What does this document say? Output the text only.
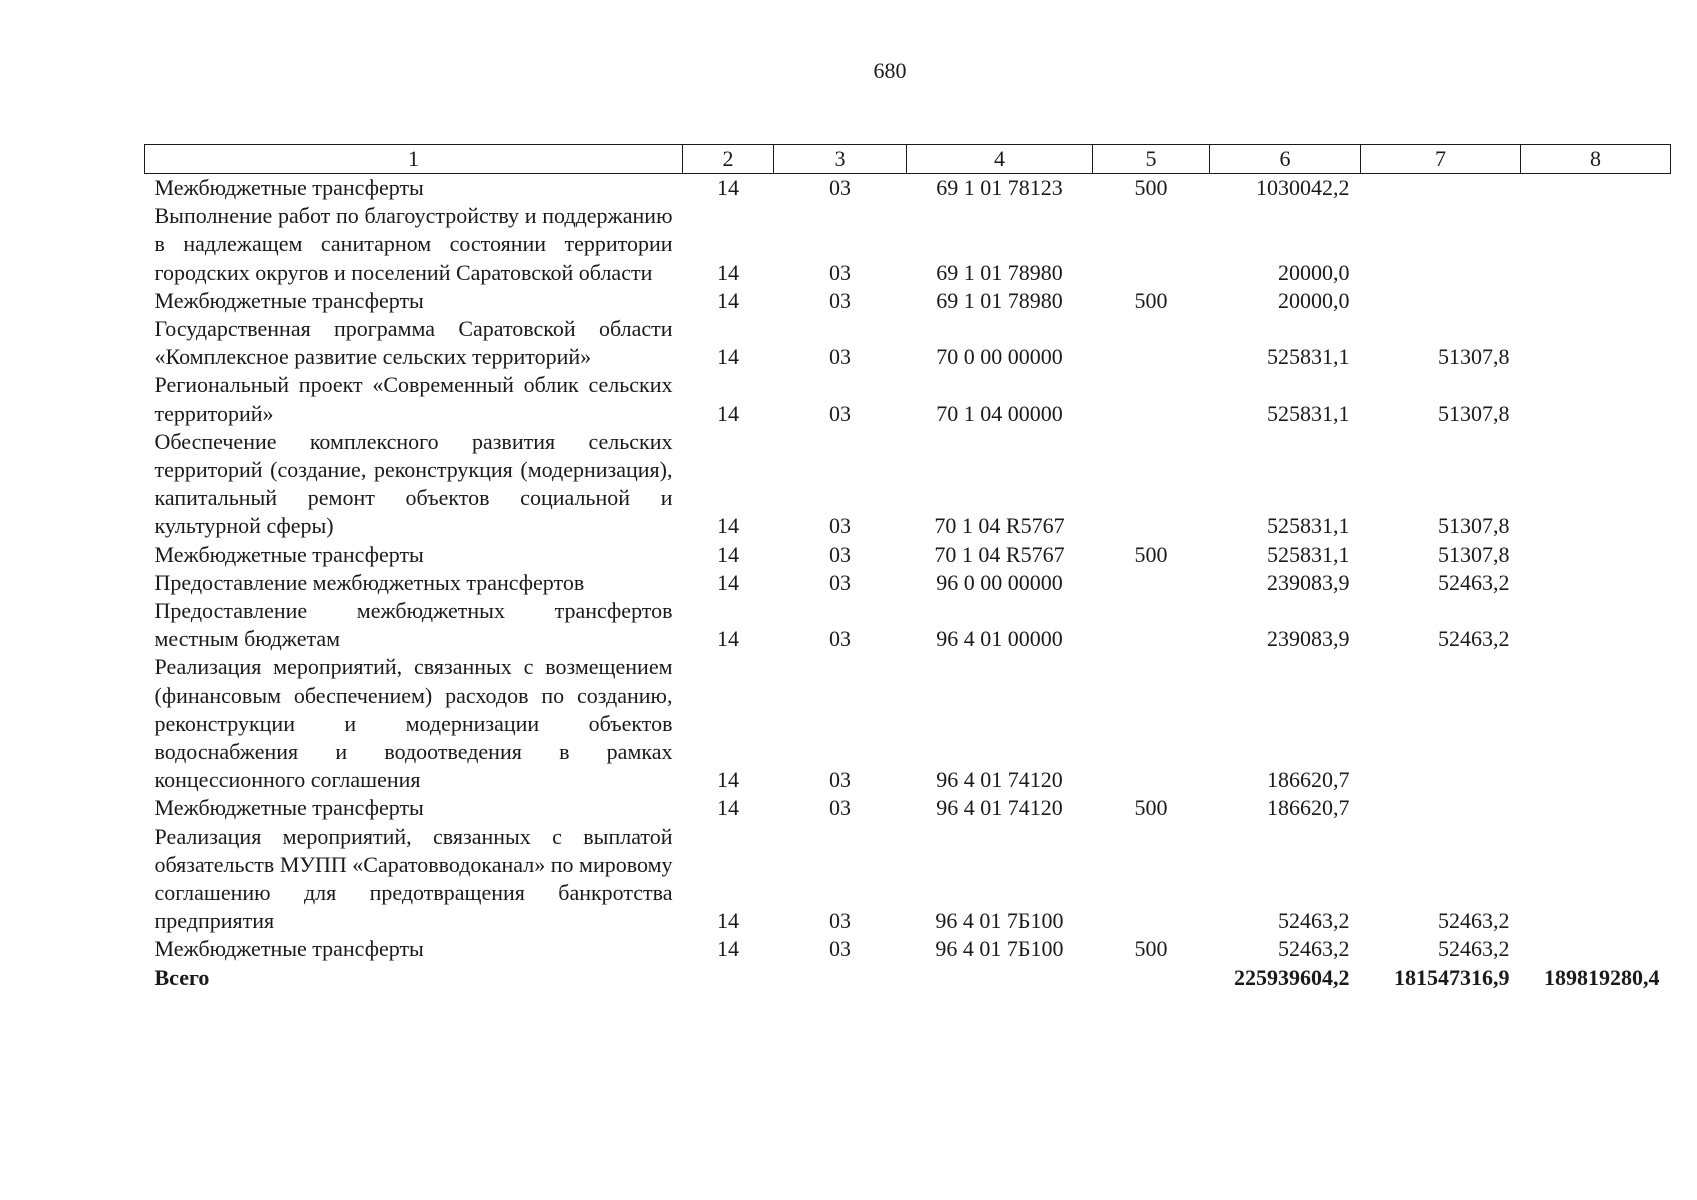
680
1	2	3	4	5	6	7	8
Межбюджетные трансферты	14	03	69 1 01 78123	500	1030042,2		
Выполнение работ по благоустройству и поддержанию в надлежащем санитарном состоянии территории городских округов и поселений Саратовской области	14	03	69 1 01 78980		20000,0		
Межбюджетные трансферты	14	03	69 1 01 78980	500	20000,0		
Государственная программа Саратовской области «Комплексное развитие сельских территорий»	14	03	70 0 00 00000		525831,1	51307,8	
Региональный проект «Современный облик сельских территорий»	14	03	70 1 04 00000		525831,1	51307,8	
Обеспечение комплексного развития сельских территорий (создание, реконструкция (модернизация), капитальный ремонт объектов социальной и культурной сферы)	14	03	70 1 04 R5767		525831,1	51307,8	
Межбюджетные трансферты	14	03	70 1 04 R5767	500	525831,1	51307,8	
Предоставление межбюджетных трансфертов	14	03	96 0 00 00000		239083,9	52463,2	
Предоставление межбюджетных трансфертов местным бюджетам	14	03	96 4 01 00000		239083,9	52463,2	
Реализация мероприятий, связанных с возмещением (финансовым обеспечением) расходов по созданию, реконструкции и модернизации объектов водоснабжения и водоотведения в рамках концессионного соглашения	14	03	96 4 01 74120		186620,7		
Межбюджетные трансферты	14	03	96 4 01 74120	500	186620,7		
Реализация мероприятий, связанных с выплатой обязательств МУПП «Саратовводоканал» по мировому соглашению для предотвращения банкротства предприятия	14	03	96 4 01 7Б100		52463,2	52463,2	
Межбюджетные трансферты	14	03	96 4 01 7Б100	500	52463,2	52463,2	
Всего					225939604,2	181547316,9	189819280,4
